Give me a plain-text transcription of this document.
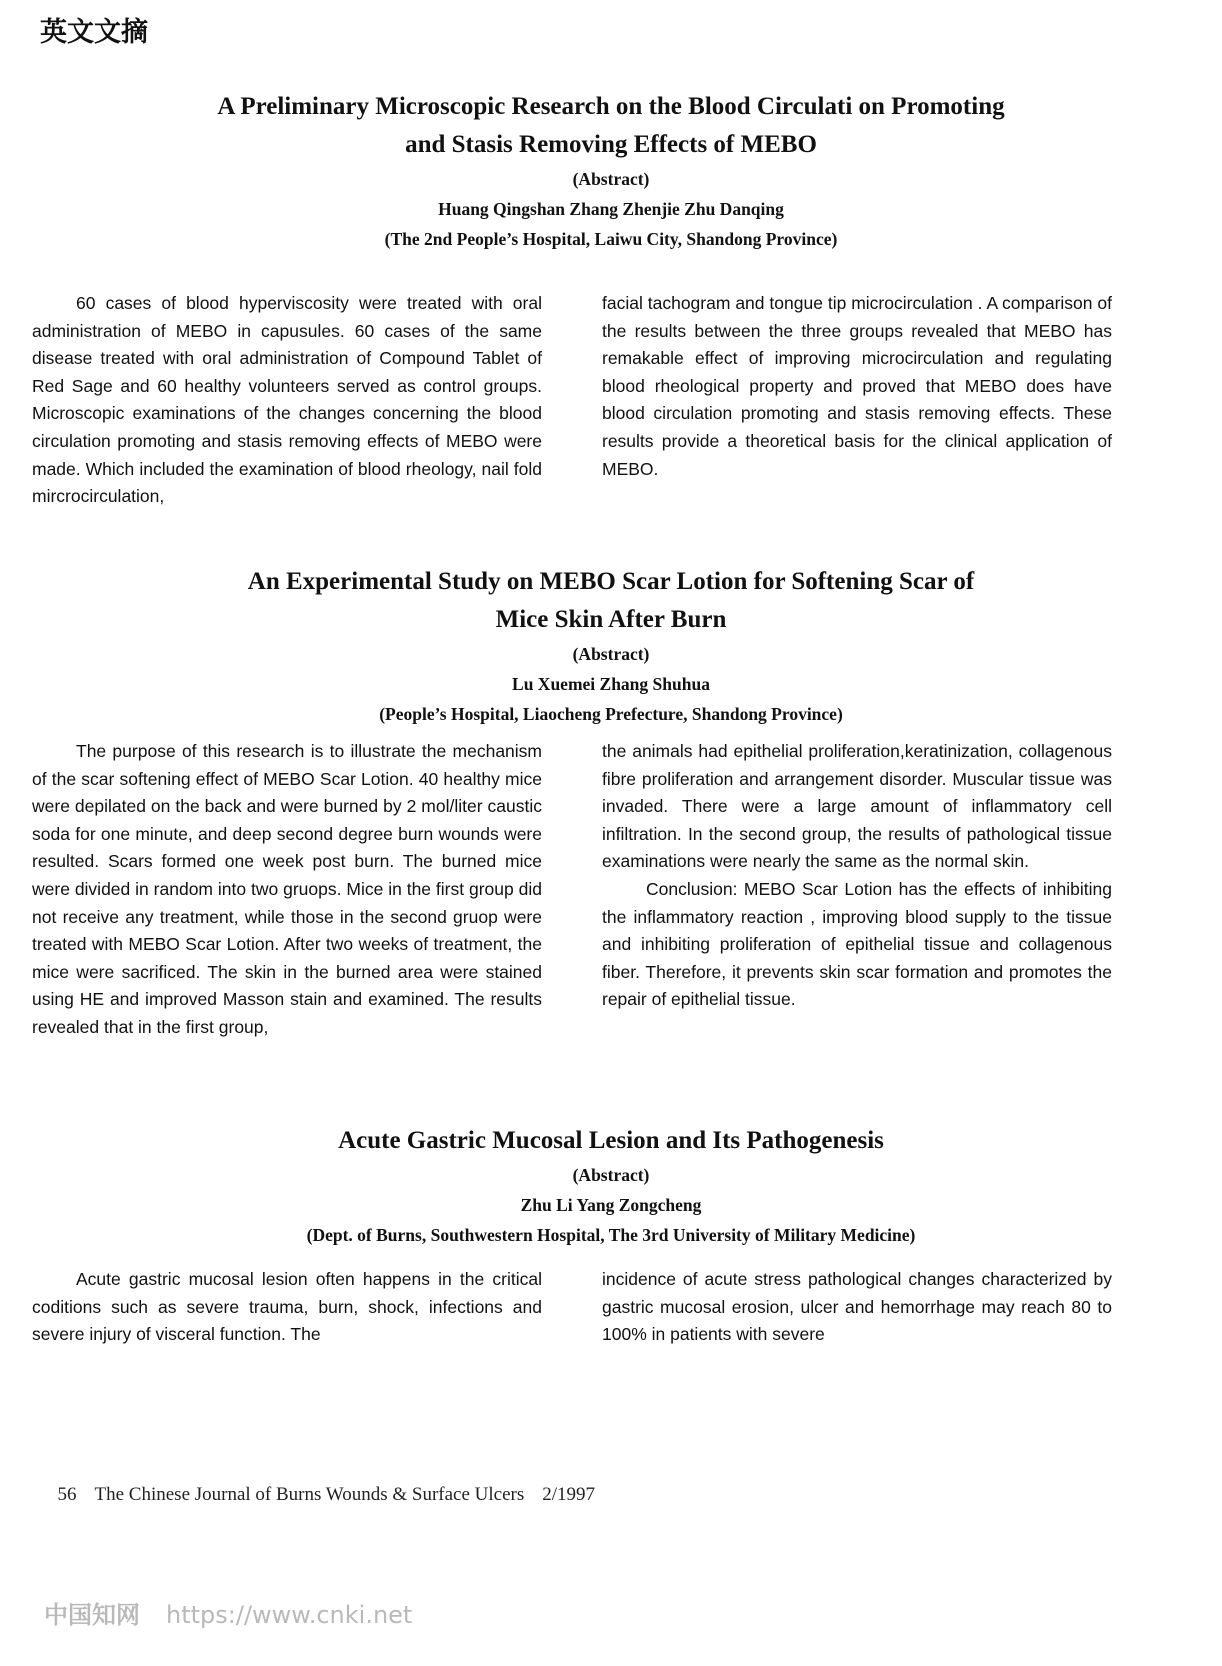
英文文摘
A Preliminary Microscopic Research on the Blood Circulati on Promoting
and Stasis Removing Effects of MEBO

(Abstract)

Huang Qingshan Zhang Zhenjie Zhu Danqing

(The 2nd People’s Hospital, Laiwu City, Shandong Province)

60 cases of blood hyperviscosity were treated with oral administration of MEBO in capusules. 60 cases of the same disease treated with oral administration of Compound Tablet of Red Sage and 60 healthy volunteers served as control groups. Microscopic examinations of the changes concerning the blood circulation promoting and stasis removing effects of MEBO were made. Which included the examination of blood rheology, nail fold mircrocirculation,

facial tachogram and tongue tip microcirculation . A comparison of the results between the three groups revealed that MEBO has remakable effect of improving microcirculation and regulating blood rheological property and proved that MEBO does have blood circulation promoting and stasis removing effects. These results provide a theoretical basis for the clinical application of MEBO.

An Experimental Study on MEBO Scar Lotion for Softening Scar of
Mice Skin After Burn

(Abstract)

Lu Xuemei Zhang Shuhua

(People’s Hospital, Liaocheng Prefecture, Shandong Province)

The purpose of this research is to illustrate the mechanism of the scar softening effect of MEBO Scar Lotion. 40 healthy mice were depilated on the back and were burned by 2 mol/liter caustic soda for one minute, and deep second degree burn wounds were resulted. Scars formed one week post burn. The burned mice were divided in random into two gruops. Mice in the first group did not receive any treatment, while those in the second gruop were treated with MEBO Scar Lotion. After two weeks of treatment, the mice were sacrificed. The skin in the burned area were stained using HE and improved Masson stain and examined. The results revealed that in the first group,

the animals had epithelial proliferation,keratinization, collagenous fibre proliferation and arrangement disorder. Muscular tissue was invaded. There were a large amount of inflammatory cell infiltration. In the second group, the results of pathological tissue examinations were nearly the same as the normal skin.

Conclusion: MEBO Scar Lotion has the effects of inhibiting the inflammatory reaction , improving blood supply to the tissue and inhibiting proliferation of epithelial tissue and collagenous fiber. Therefore, it prevents skin scar formation and promotes the repair of epithelial tissue.

Acute Gastric Mucosal Lesion and Its Pathogenesis

(Abstract)

Zhu Li Yang Zongcheng

(Dept. of Burns, Southwestern Hospital, The 3rd University of Military Medicine)

Acute gastric mucosal lesion often happens in the critical coditions such as severe trauma, burn, shock, infections and severe injury of visceral function. The

incidence of acute stress pathological changes characterized by gastric mucosal erosion, ulcer and hemorrhage may reach 80 to 100% in patients with severe

56 The Chinese Journal of Burns Wounds & Surface Ulcers 2/1997

中国知网 https://www.cnki.net
